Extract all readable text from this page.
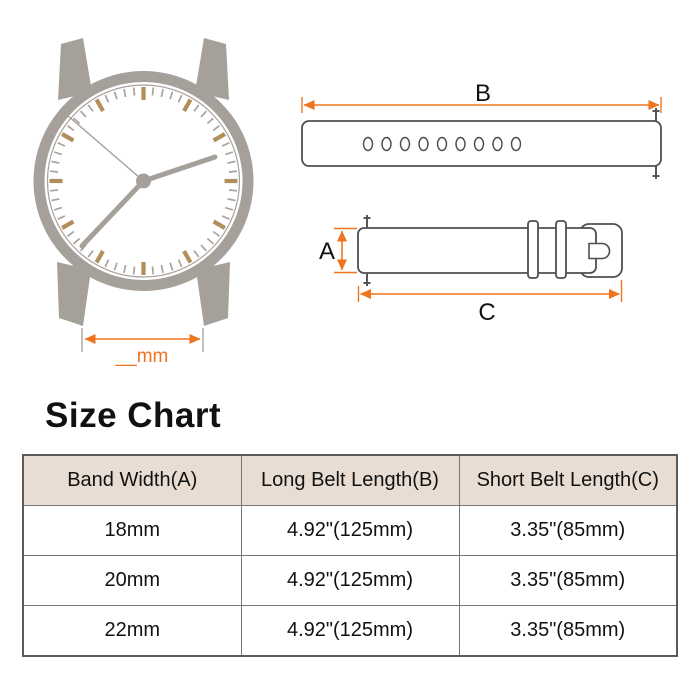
__mm
B
A
C
Size Chart
Band Width(A)	Long Belt Length(B)	Short Belt Length(C)
18mm	4.92"(125mm)	3.35"(85mm)
20mm	4.92"(125mm)	3.35"(85mm)
22mm	4.92"(125mm)	3.35"(85mm)
